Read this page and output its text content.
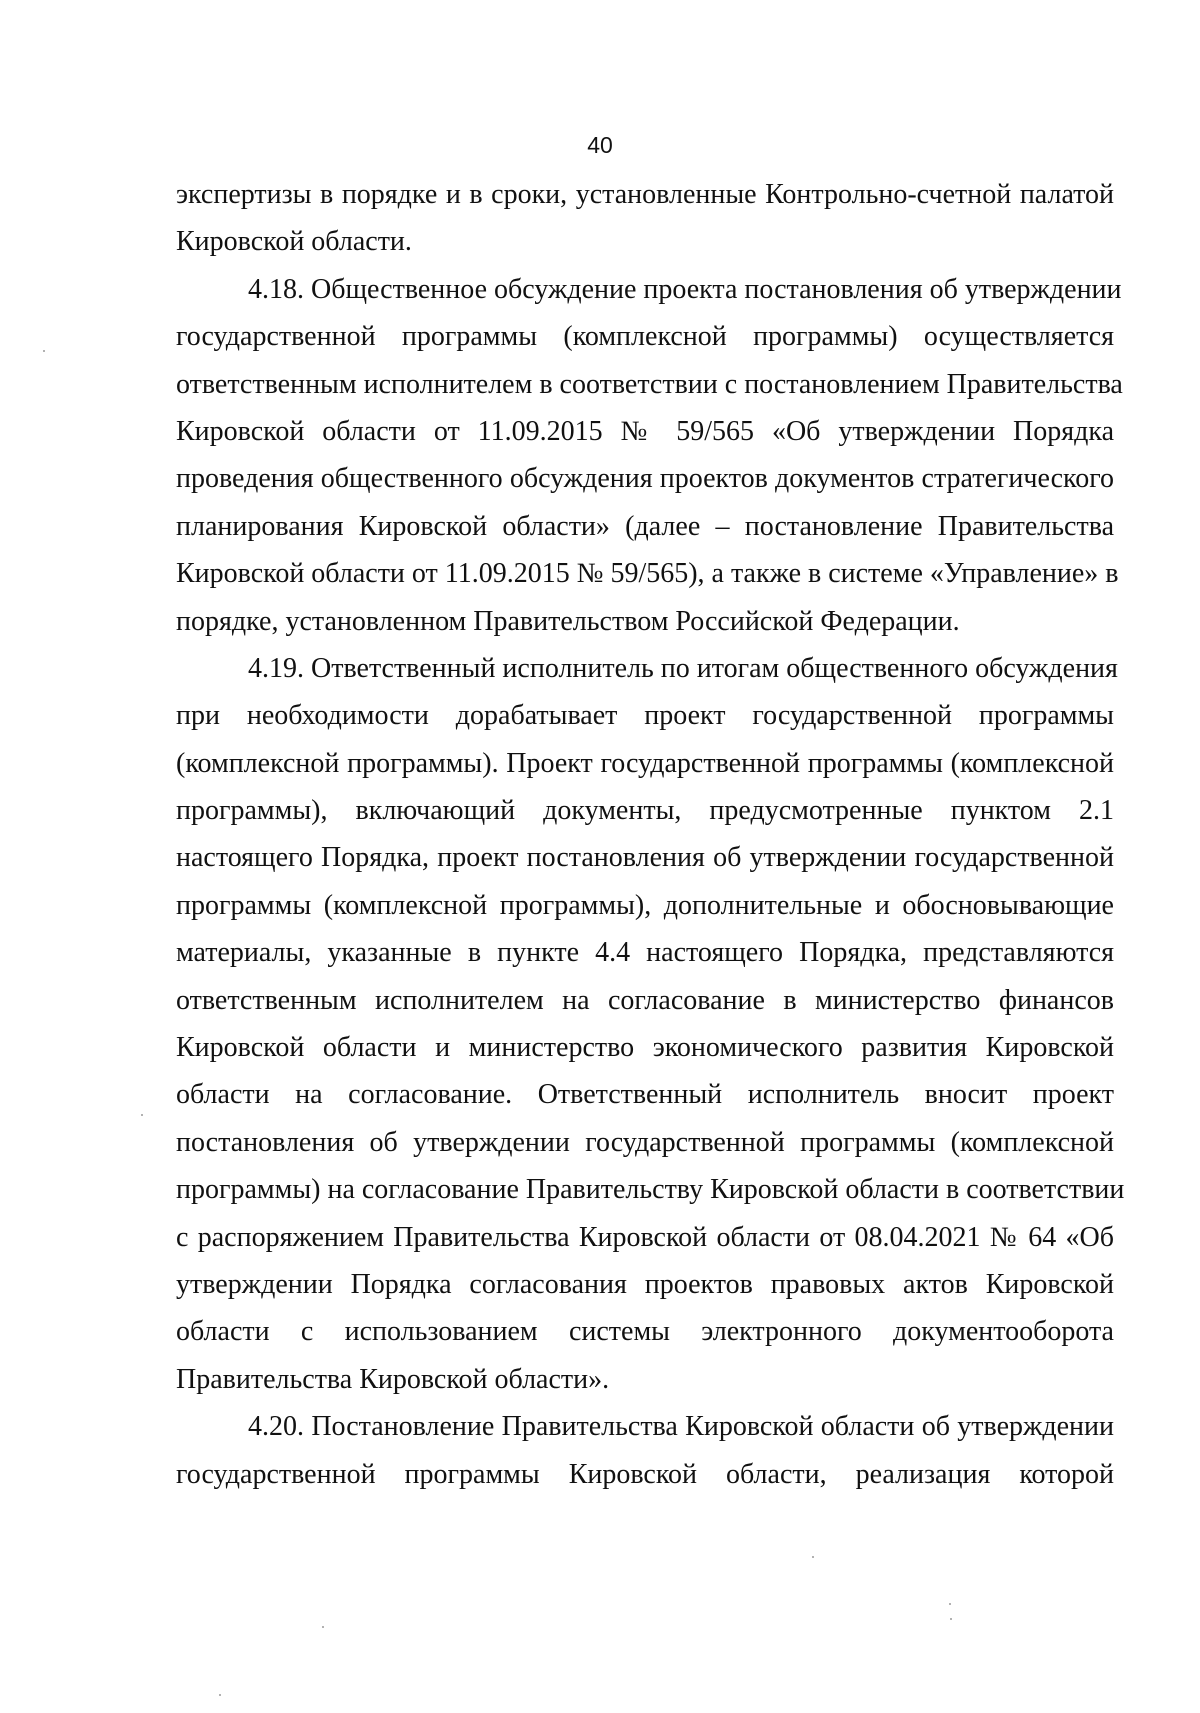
40
экспертизы в порядке и в сроки, установленные Контрольно-счетной палатой
Кировской области.
4.18. Общественное обсуждение проекта постановления об утверждении
государственной программы (комплексной программы) осуществляется
ответственным исполнителем в соответствии с постановлением Правительства
Кировской области от 11.09.2015 № 59/565 «Об утверждении Порядка
проведения общественного обсуждения проектов документов стратегического
планирования Кировской области» (далее – постановление Правительства
Кировской области от 11.09.2015 № 59/565), а также в системе «Управление» в
порядке, установленном Правительством Российской Федерации.
4.19. Ответственный исполнитель по итогам общественного обсуждения
при необходимости дорабатывает проект государственной программы
(комплексной программы). Проект государственной программы (комплексной
программы), включающий документы, предусмотренные пунктом 2.1
настоящего Порядка, проект постановления об утверждении государственной
программы (комплексной программы), дополнительные и обосновывающие
материалы, указанные в пункте 4.4 настоящего Порядка, представляются
ответственным исполнителем на согласование в министерство финансов
Кировской области и министерство экономического развития Кировской
области на согласование. Ответственный исполнитель вносит проект
постановления об утверждении государственной программы (комплексной
программы) на согласование Правительству Кировской области в соответствии
с распоряжением Правительства Кировской области от 08.04.2021 № 64 «Об
утверждении Порядка согласования проектов правовых актов Кировской
области с использованием системы электронного документооборота
Правительства Кировской области».
4.20. Постановление Правительства Кировской области об утверждении
государственной программы Кировской области, реализация которой
